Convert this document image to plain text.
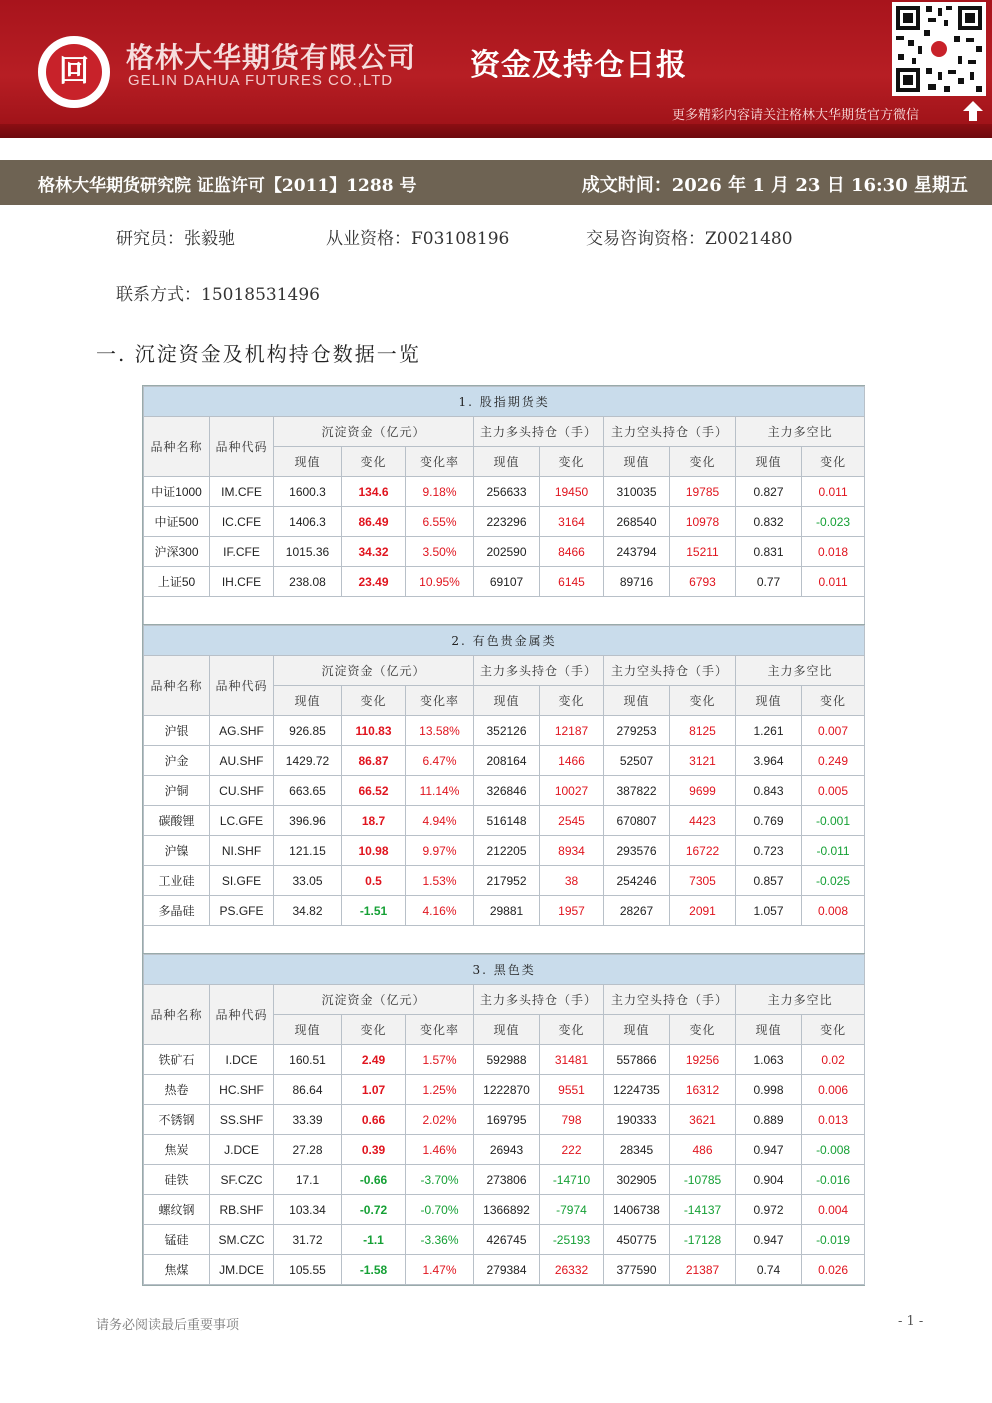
回	格林大华期货有限公司
GELIN DAHUA FUTURES CO.,LTD	资金及持仓日报
更多精彩内容请关注格林大华期货官方微信
格林大华期货研究院 证监许可【2011】1288 号	成文时间：2026 年 1 月 23 日 16:30 星期五
研究员：张毅驰	从业资格：F03108196	交易咨询资格：Z0021480
联系方式：15018531496
一. 沉淀资金及机构持仓数据一览
1. 股指期货类										
品种名称	品种代码	沉淀资金（亿元）			主力多头持仓（手）		主力空头持仓（手）		主力多空比	
		现值	变化	变化率	现值	变化	现值	变化	现值	变化
中证1000	IM.CFE	1600.3	134.6	9.18%	256633	19450	310035	19785	0.827	0.011
中证500	IC.CFE	1406.3	86.49	6.55%	223296	3164	268540	10978	0.832	-0.023
沪深300	IF.CFE	1015.36	34.32	3.50%	202590	8466	243794	15211	0.831	0.018
上证50	IH.CFE	238.08	23.49	10.95%	69107	6145	89716	6793	0.77	0.011

2. 有色贵金属类										
品种名称	品种代码	沉淀资金（亿元）			主力多头持仓（手）		主力空头持仓（手）		主力多空比	
		现值	变化	变化率	现值	变化	现值	变化	现值	变化
沪银	AG.SHF	926.85	110.83	13.58%	352126	12187	279253	8125	1.261	0.007
沪金	AU.SHF	1429.72	86.87	6.47%	208164	1466	52507	3121	3.964	0.249
沪铜	CU.SHF	663.65	66.52	11.14%	326846	10027	387822	9699	0.843	0.005
碳酸锂	LC.GFE	396.96	18.7	4.94%	516148	2545	670807	4423	0.769	-0.001
沪镍	NI.SHF	121.15	10.98	9.97%	212205	8934	293576	16722	0.723	-0.011
工业硅	SI.GFE	33.05	0.5	1.53%	217952	38	254246	7305	0.857	-0.025
多晶硅	PS.GFE	34.82	-1.51	4.16%	29881	1957	28267	2091	1.057	0.008

3. 黑色类										
品种名称	品种代码	沉淀资金（亿元）			主力多头持仓（手）		主力空头持仓（手）		主力多空比	
		现值	变化	变化率	现值	变化	现值	变化	现值	变化
铁矿石	I.DCE	160.51	2.49	1.57%	592988	31481	557866	19256	1.063	0.02
热卷	HC.SHF	86.64	1.07	1.25%	1222870	9551	1224735	16312	0.998	0.006
不锈钢	SS.SHF	33.39	0.66	2.02%	169795	798	190333	3621	0.889	0.013
焦炭	J.DCE	27.28	0.39	1.46%	26943	222	28345	486	0.947	-0.008
硅铁	SF.CZC	17.1	-0.66	-3.70%	273806	-14710	302905	-10785	0.904	-0.016
螺纹钢	RB.SHF	103.34	-0.72	-0.70%	1366892	-7974	1406738	-14137	0.972	0.004
锰硅	SM.CZC	31.72	-1.1	-3.36%	426745	-25193	450775	-17128	0.947	-0.019
焦煤	JM.DCE	105.55	-1.58	1.47%	279384	26332	377590	21387	0.74	0.026
请务必阅读最后重要事项	- 1 -
